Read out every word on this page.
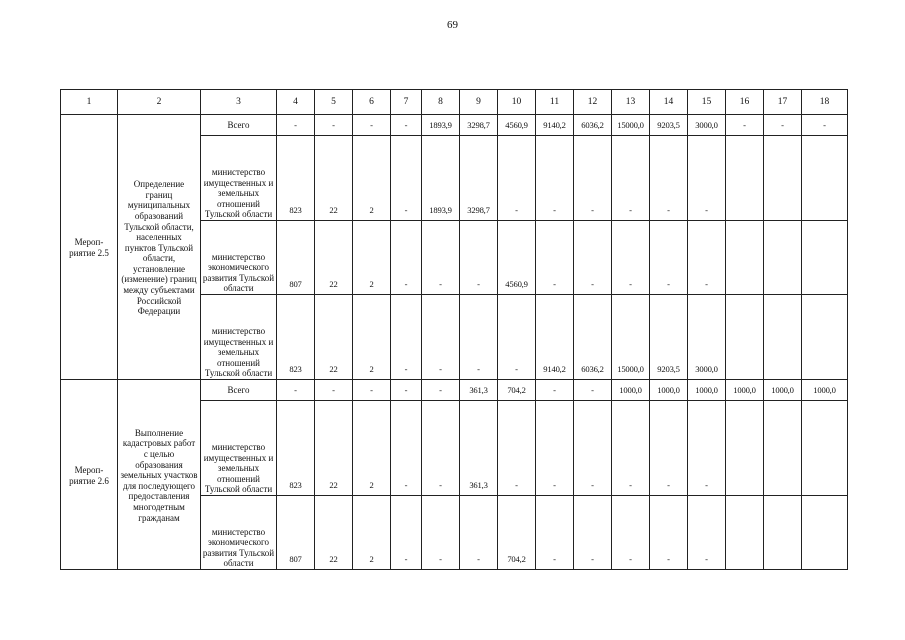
69
1	2	3	4	5	6	7	8	9	10	11	12	13	14	15	16	17	18
Мероп-риятие 2.5	Определение границ муниципальных образований Тульской области, населенных пунктов Тульской области, установление (изменение) границ между субъектами Российской Федерации	Всего	-	-	-	-	1893,9	3298,7	4560,9	9140,2	6036,2	15000,0	9203,5	3000,0	-	-	-
		министерство имущественных и земельных отношений Тульской области	823	22	2	-	1893,9	3298,7	-	-	-	-	-	-			
		министерство экономического развития Тульской области	807	22	2	-	-	-	4560,9	-	-	-	-	-			
		министерство имущественных и земельных отношений Тульской области	823	22	2	-	-	-	-	9140,2	6036,2	15000,0	9203,5	3000,0			
Мероп-риятие 2.6	Выполнение кадастровых работ с целью образования земельных участков для последующего предоставления многодетным гражданам	Всего	-	-	-	-	-	361,3	704,2	-	-	1000,0	1000,0	1000,0	1000,0	1000,0	1000,0
		министерство имущественных и земельных отношений Тульской области	823	22	2	-	-	361,3	-	-	-	-	-	-			
		министерство экономического развития Тульской области	807	22	2	-	-	-	704,2	-	-	-	-	-			
